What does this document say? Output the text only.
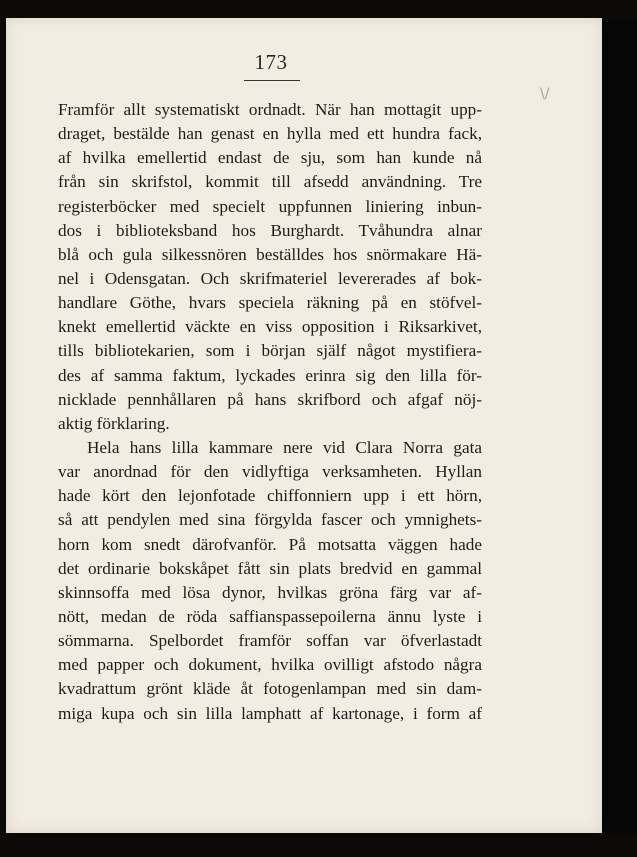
173
\/
Framför allt systematiskt ordnadt. När han mottagit upp-
draget, bestälde han genast en hylla med ett hundra fack,
af hvilka emellertid endast de sju, som han kunde nå
från sin skrifstol, kommit till afsedd användning. Tre
registerböcker med specielt uppfunnen liniering inbun-
dos i biblioteksband hos Burghardt. Tvåhundra alnar
blå och gula silkessnören beställdes hos snörmakare Hä-
nel i Odensgatan. Och skrifmateriel levererades af bok-
handlare Göthe, hvars speciela räkning på en stöfvel-
knekt emellertid väckte en viss opposition i Riksarkivet,
tills bibliotekarien, som i början själf något mystifiera-
des af samma faktum, lyckades erinra sig den lilla för-
nicklade pennhållaren på hans skrifbord och afgaf nöj-
aktig förklaring.
Hela hans lilla kammare nere vid Clara Norra gata
var anordnad för den vidlyftiga verksamheten. Hyllan
hade kört den lejonfotade chiffonniern upp i ett hörn,
så att pendylen med sina förgylda fascer och ymnighets-
horn kom snedt därofvanför. På motsatta väggen hade
det ordinarie bokskåpet fått sin plats bredvid en gammal
skinnsoffa med lösa dynor, hvilkas gröna färg var af-
nött, medan de röda saffianspassepoilerna ännu lyste i
sömmarna. Spelbordet framför soffan var öfverlastadt
med papper och dokument, hvilka ovilligt afstodo några
kvadrattum grönt kläde åt fotogenlampan med sin dam-
miga kupa och sin lilla lamphatt af kartonage, i form af
